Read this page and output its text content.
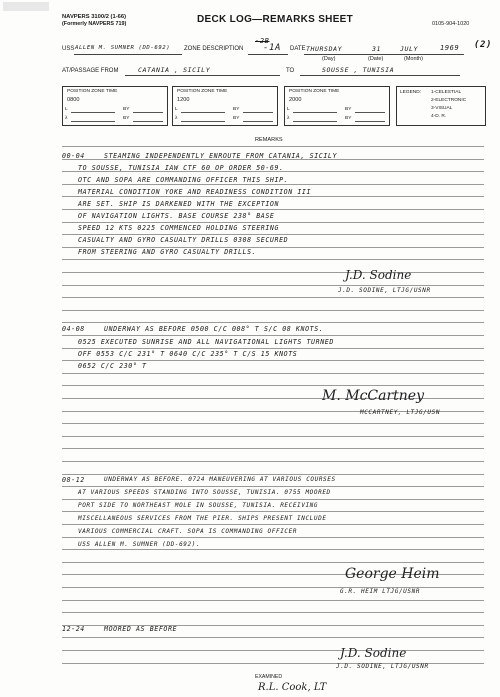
NAVPERS 3100/2 (1-66)
(Formerly NAVPERS 719)	DECK LOG—REMARKS SHEET	0105-904-1020
USS ALLEN M. SUMNER (DD-692) ZONE DESCRIPTION
-2B
-1A DATE THURSDAY	31	JULY	1969 (2)
(Day)	(Date)	(Month)
AT/PASSAGE FROM	CATANIA , SICILY	TO	SOUSSE , TUNISIA
POSITION ZONE TIME
0800
L	BY
λ	BY
POSITION ZONE TIME
1200
L	BY
λ	BY
POSITION ZONE TIME
2000
L	BY
λ	BY
LEGEND: 1-CELESTIAL
2-ELECTRONIC
3-VISUAL
4-D. R.
REMARKS
00-04	STEAMING INDEPENDENTLY ENROUTE FROM CATANIA, SICILY
TO SOUSSE, TUNISIA IAW CTF 60 OP ORDER 50-69.
OTC AND SOPA ARE COMMANDING OFFICER THIS SHIP.
MATERIAL CONDITION YOKE AND READINESS CONDITION III
ARE SET. SHIP IS DARKENED WITH THE EXCEPTION
OF NAVIGATION LIGHTS. BASE COURSE 238° BASE
SPEED 12 KTS 0225 COMMENCED HOLDING STEERING
CASUALTY AND GYRO CASUALTY DRILLS 0308 SECURED
FROM STEERING AND GYRO CASUALTY DRILLS.
J.D. Sodine
J.D. SODINE, LTJG/USNR
04-08	UNDERWAY AS BEFORE 0500 C/C 008° T S/C 08 KNOTS.
0525 EXECUTED SUNRISE AND ALL NAVIGATIONAL LIGHTS TURNED
OFF 0553 C/C 231° T 0640 C/C 235° T C/S 15 KNOTS
0652 C/C 230° T
M. McCartney
MCCARTNEY, LTJG/USN
08-12	UNDERWAY AS BEFORE. 0724 MANEUVERING AT VARIOUS COURSES
AT VARIOUS SPEEDS STANDING INTO SOUSSE, TUNISIA. 0755 MOORED
PORT SIDE TO NORTHEAST MOLE IN SOUSSE, TUNISIA. RECEIVING
MISCELLANEOUS SERVICES FROM THE PIER. SHIPS PRESENT INCLUDE
VARIOUS COMMERCIAL CRAFT. SOPA IS COMMANDING OFFICER
USS ALLEN M. SUMNER (DD-692).
George Heim
G.R. HEIM LTJG/USNR
12-24	MOORED AS BEFORE
J.D. Sodine
J.D. SODINE, LTJG/USNR
EXAMINED
R.L. Cook, LT
